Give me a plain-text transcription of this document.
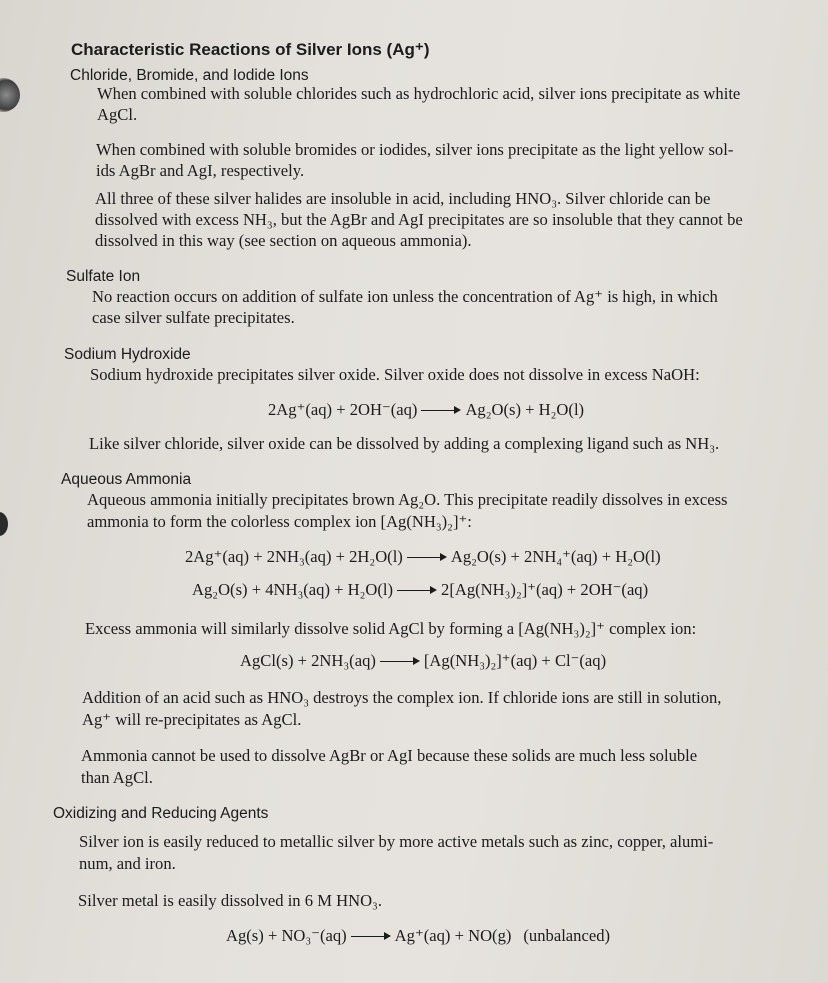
Characteristic Reactions of Silver Ions (Ag⁺)
Chloride, Bromide, and Iodide Ions
When combined with soluble chlorides such as hydrochloric acid, silver ions precipitate as white
AgCl.
When combined with soluble bromides or iodides, silver ions precipitate as the light yellow sol-
ids AgBr and AgI, respectively.
All three of these silver halides are insoluble in acid, including HNO₃. Silver chloride can be
dissolved with excess NH₃, but the AgBr and AgI precipitates are so insoluble that they cannot be
dissolved in this way (see section on aqueous ammonia).
Sulfate Ion
No reaction occurs on addition of sulfate ion unless the concentration of Ag⁺ is high, in which
case silver sulfate precipitates.
Sodium Hydroxide
Sodium hydroxide precipitates silver oxide. Silver oxide does not dissolve in excess NaOH:
2Ag⁺(aq) + 2OH⁻(aq)	Ag₂O(s) + H₂O(l)
Like silver chloride, silver oxide can be dissolved by adding a complexing ligand such as NH₃.
Aqueous Ammonia
Aqueous ammonia initially precipitates brown Ag₂O. This precipitate readily dissolves in excess
ammonia to form the colorless complex ion [Ag(NH₃)₂]⁺:
2Ag⁺(aq) + 2NH₃(aq) + 2H₂O(l)	Ag₂O(s) + 2NH₄⁺(aq) + H₂O(l)
Ag₂O(s) + 4NH₃(aq) + H₂O(l)	2[Ag(NH₃)₂]⁺(aq) + 2OH⁻(aq)
Excess ammonia will similarly dissolve solid AgCl by forming a [Ag(NH₃)₂]⁺ complex ion:
AgCl(s) + 2NH₃(aq)	[Ag(NH₃)₂]⁺(aq) + Cl⁻(aq)
Addition of an acid such as HNO₃ destroys the complex ion. If chloride ions are still in solution,
Ag⁺ will re-precipitates as AgCl.
Ammonia cannot be used to dissolve AgBr or AgI because these solids are much less soluble
than AgCl.
Oxidizing and Reducing Agents
Silver ion is easily reduced to metallic silver by more active metals such as zinc, copper, alumi-
num, and iron.
Silver metal is easily dissolved in 6 M HNO₃.
Ag(s) + NO₃⁻(aq)	Ag⁺(aq) + NO(g) (unbalanced)
